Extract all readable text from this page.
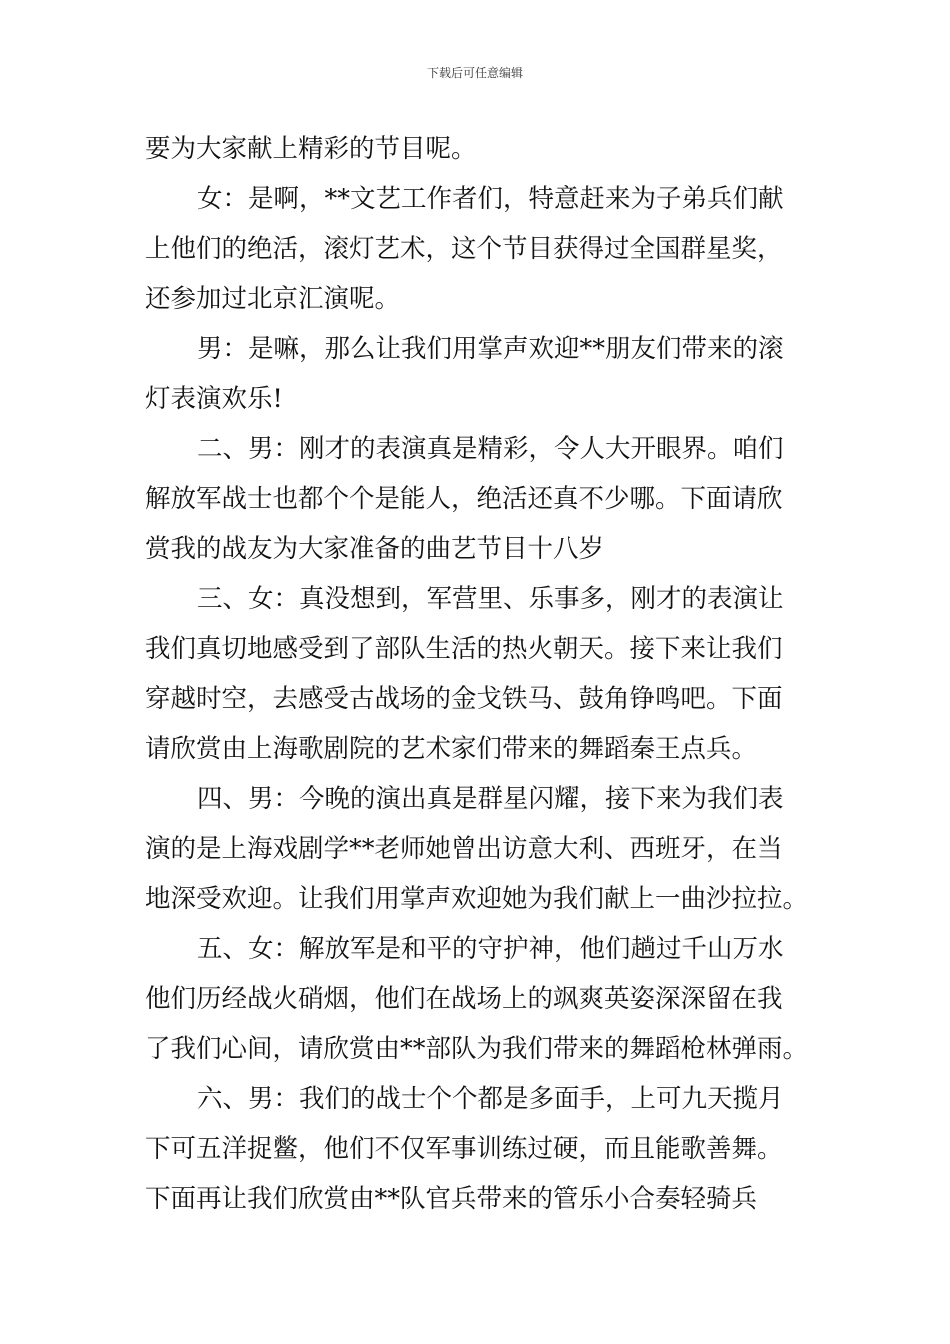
下载后可任意编辑
要为大家献上精彩的节目呢。
女：是啊，**文艺工作者们，特意赶来为子弟兵们献
上他们的绝活，滚灯艺术，这个节目获得过全国群星奖，
还参加过北京汇演呢。
男：是嘛，那么让我们用掌声欢迎**朋友们带来的滚
灯表演欢乐!
二、男：刚才的表演真是精彩，令人大开眼界。咱们
解放军战士也都个个是能人，绝活还真不少哪。下面请欣
赏我的战友为大家准备的曲艺节目十八岁
三、女：真没想到，军营里、乐事多，刚才的表演让
我们真切地感受到了部队生活的热火朝天。接下来让我们
穿越时空，去感受古战场的金戈铁马、鼓角铮鸣吧。下面
请欣赏由上海歌剧院的艺术家们带来的舞蹈秦王点兵。
四、男：今晚的演出真是群星闪耀，接下来为我们表
演的是上海戏剧学**老师她曾出访意大利、西班牙，在当
地深受欢迎。让我们用掌声欢迎她为我们献上一曲沙拉拉。
五、女：解放军是和平的守护神，他们趟过千山万水
他们历经战火硝烟，他们在战场上的飒爽英姿深深留在我
了我们心间，请欣赏由**部队为我们带来的舞蹈枪林弹雨。
六、男：我们的战士个个都是多面手，上可九天揽月
下可五洋捉鳖，他们不仅军事训练过硬，而且能歌善舞。
下面再让我们欣赏由**队官兵带来的管乐小合奏轻骑兵
